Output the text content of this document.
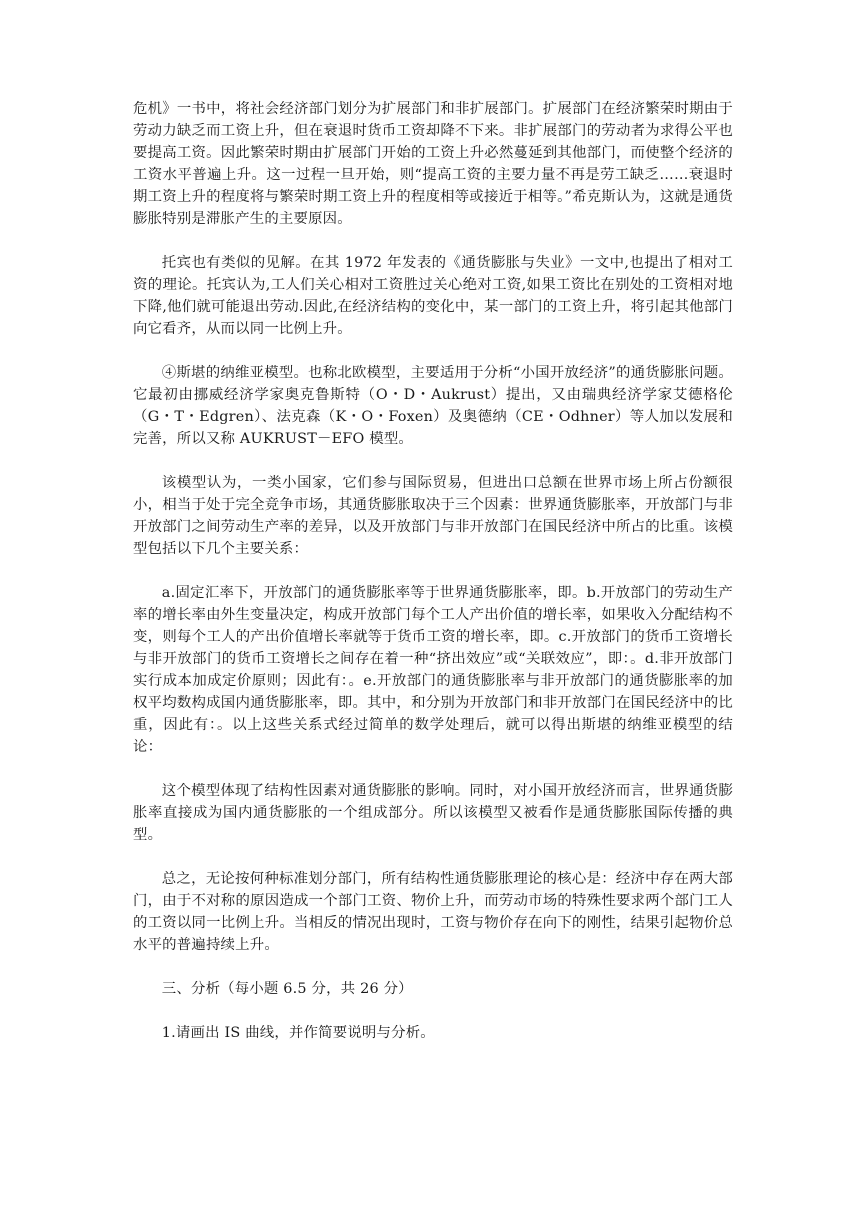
危机》一书中，将社会经济部门划分为扩展部门和非扩展部门。扩展部门在经济繁荣时期由于劳动力缺乏而工资上升，但在衰退时货币工资却降不下来。非扩展部门的劳动者为求得公平也要提高工资。因此繁荣时期由扩展部门开始的工资上升必然蔓延到其他部门，而使整个经济的工资水平普遍上升。这一过程一旦开始，则“提高工资的主要力量不再是劳工缺乏……衰退时期工资上升的程度将与繁荣时期工资上升的程度相等或接近于相等。”希克斯认为，这就是通货膨胀特别是滞胀产生的主要原因。

托宾也有类似的见解。在其 1972 年发表的《通货膨胀与失业》一文中,也提出了相对工资的理论。托宾认为,工人们关心相对工资胜过关心绝对工资,如果工资比在别处的工资相对地下降,他们就可能退出劳动.因此,在经济结构的变化中，某一部门的工资上升，将引起其他部门向它看齐，从而以同一比例上升。

④斯堪的纳维亚模型。也称北欧模型，主要适用于分析“小国开放经济”的通货膨胀问题。它最初由挪威经济学家奥克鲁斯特（O・D・Aukrust）提出，又由瑞典经济学家艾德格伦（G・T・Edgren）、法克森（K・O・Foxen）及奥德纳（CE・Odhner）等人加以发展和完善，所以又称 AUKRUST－EFO 模型。

该模型认为，一类小国家，它们参与国际贸易，但进出口总额在世界市场上所占份额很小，相当于处于完全竞争市场，其通货膨胀取决于三个因素：世界通货膨胀率，开放部门与非开放部门之间劳动生产率的差异，以及开放部门与非开放部门在国民经济中所占的比重。该模型包括以下几个主要关系：

a.固定汇率下，开放部门的通货膨胀率等于世界通货膨胀率，即。b.开放部门的劳动生产率的增长率由外生变量决定，构成开放部门每个工人产出价值的增长率，如果收入分配结构不变，则每个工人的产出价值增长率就等于货币工资的增长率，即。c.开放部门的货币工资增长与非开放部门的货币工资增长之间存在着一种“挤出效应”或“关联效应”，即：。d.非开放部门实行成本加成定价原则；因此有：。e.开放部门的通货膨胀率与非开放部门的通货膨胀率的加权平均数构成国内通货膨胀率，即。其中，和分别为开放部门和非开放部门在国民经济中的比重，因此有：。以上这些关系式经过简单的数学处理后，就可以得出斯堪的纳维亚模型的结论：

这个模型体现了结构性因素对通货膨胀的影响。同时，对小国开放经济而言，世界通货膨胀率直接成为国内通货膨胀的一个组成部分。所以该模型又被看作是通货膨胀国际传播的典型。

总之，无论按何种标准划分部门，所有结构性通货膨胀理论的核心是：经济中存在两大部门，由于不对称的原因造成一个部门工资、物价上升，而劳动市场的特殊性要求两个部门工人的工资以同一比例上升。当相反的情况出现时，工资与物价存在向下的刚性，结果引起物价总水平的普遍持续上升。

三、分析（每小题 6.5 分，共 26 分）

1.请画出 IS 曲线，并作简要说明与分析。
